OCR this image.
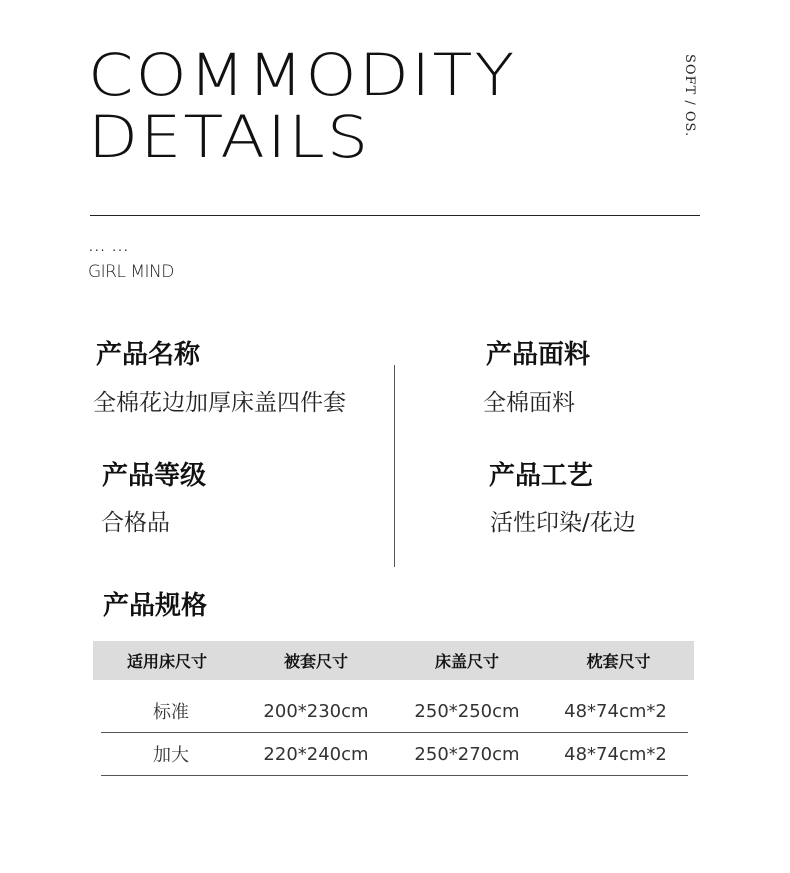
COMMODITY
DETAILS	SOFT / OS.
... ...
GIRL MIND
产品名称
全棉花边加厚床盖四件套
产品面料
全棉面料
产品等级
合格品
产品工艺
活性印染/花边
产品规格
适用床尺寸	被套尺寸	床盖尺寸	枕套尺寸
标准	200*230cm	250*250cm	48*74cm*2
加大	220*240cm	250*270cm	48*74cm*2
